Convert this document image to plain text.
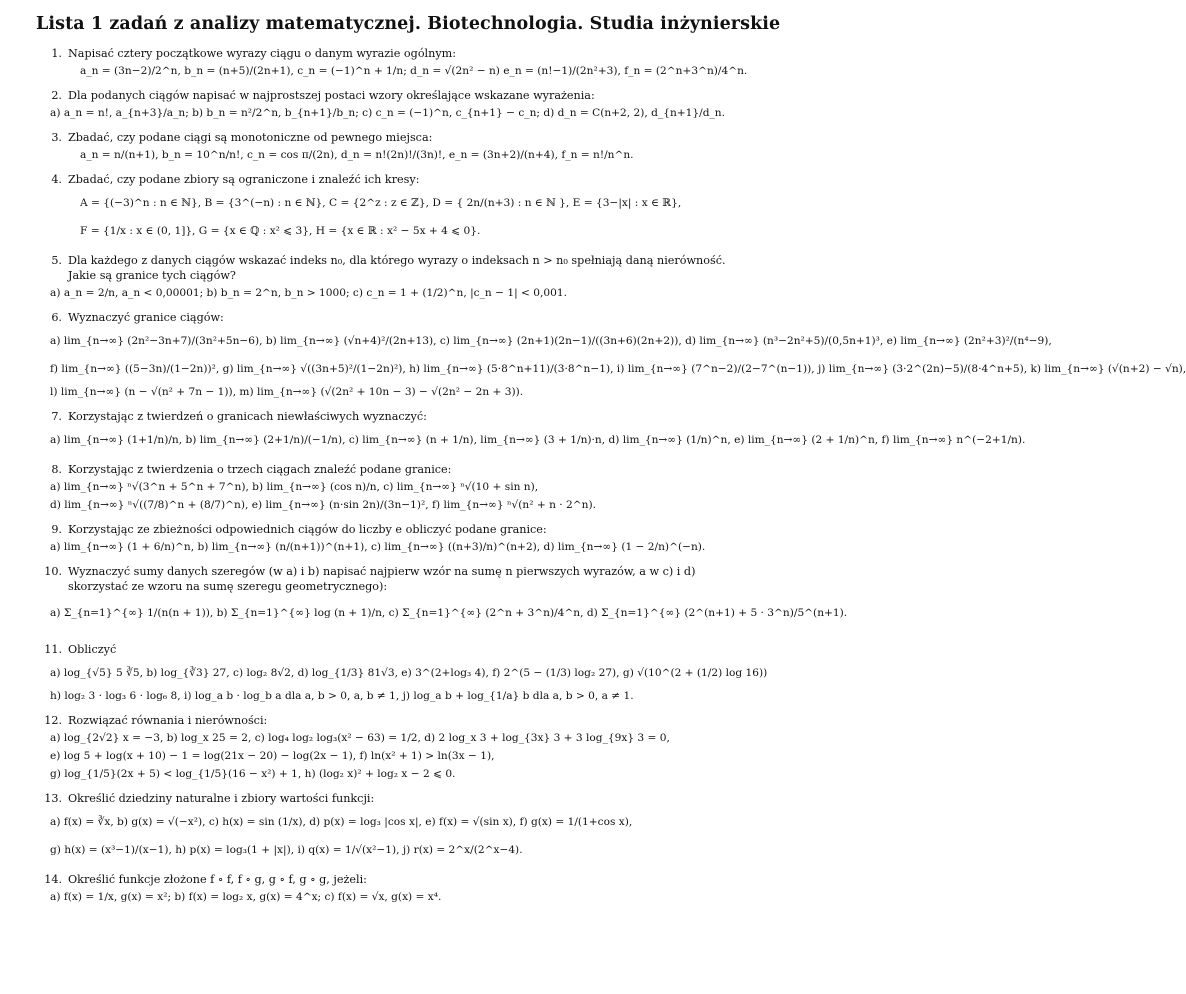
Lista 1 zadań z analizy matematycznej. Biotechnologia. Studia inżynierskie
1. Napisać cztery początkowe wyrazy ciągu o danym wyrazie ogólnym:
a_n = (3n−2)/2^n, b_n = (n+5)/(2n+1), c_n = (−1)^n + 1/n; d_n = √(2n² − n) e_n = (n!−1)/(2n²+3), f_n = (2^n+3^n)/4^n.
2. Dla podanych ciągów napisać w najprostszej postaci wzory określające wskazane wyrażenia:
a) a_n = n!, a_{n+3}/a_n; b) b_n = n²/2^n, b_{n+1}/b_n; c) c_n = (−1)^n, c_{n+1} − c_n; d) d_n = C(n+2, 2), d_{n+1}/d_n.
3. Zbadać, czy podane ciągi są monotoniczne od pewnego miejsca:
a_n = n/(n+1), b_n = 10^n/n!, c_n = cos π/(2n), d_n = n!(2n)!/(3n)!, e_n = (3n+2)/(n+4), f_n = n!/n^n.
4. Zbadać, czy podane zbiory są ograniczone i znaleźć ich kresy:
A = {(−3)^n : n ∈ ℕ}, B = {3^(−n) : n ∈ ℕ}, C = {2^z : z ∈ ℤ}, D = { 2n/(n+3) : n ∈ ℕ }, E = {3−|x| : x ∈ ℝ},
F = {1/x : x ∈ (0, 1]}, G = {x ∈ ℚ : x² ⩽ 3}, H = {x ∈ ℝ : x² − 5x + 4 ⩽ 0}.
5. Dla każdego z danych ciągów wskazać indeks n₀, dla którego wyrazy o indeksach n > n₀ spełniają daną nierówność. Jakie są granice tych ciągów?
a) a_n = 2/n, a_n < 0,00001; b) b_n = 2^n, b_n > 1000; c) c_n = 1 + (1/2)^n, |c_n − 1| < 0,001.
6. Wyznaczyć granice ciągów:
a) lim_{n→∞} (2n²−3n+7)/(3n²+5n−6), b) lim_{n→∞} (√n+4)²/(2n+13), c) lim_{n→∞} (2n+1)(2n−1)/((3n+6)(2n+2)), d) lim_{n→∞} (n³−2n²+5)/(0,5n+1)³, e) lim_{n→∞} (2n²+3)²/(n⁴−9),
f) lim_{n→∞} ((5−3n)/(1−2n))², g) lim_{n→∞} √((3n+5)²/(1−2n)²), h) lim_{n→∞} (5·8^n+11)/(3·8^n−1), i) lim_{n→∞} (7^n−2)/(2−7^(n−1)), j) lim_{n→∞} (3·2^(2n)−5)/(8·4^n+5), k) lim_{n→∞} (√(n+2) − √n),
l) lim_{n→∞} (n − √(n² + 7n − 1)), m) lim_{n→∞} (√(2n² + 10n − 3) − √(2n² − 2n + 3)).
7. Korzystając z twierdzeń o granicach niewłaściwych wyznaczyć:
a) lim_{n→∞} (1+1/n)/n, b) lim_{n→∞} (2+1/n)/(−1/n), c) lim_{n→∞} (n + 1/n), lim_{n→∞} (3 + 1/n)·n, d) lim_{n→∞} (1/n)^n, e) lim_{n→∞} (2 + 1/n)^n, f) lim_{n→∞} n^(−2+1/n).
8. Korzystając z twierdzenia o trzech ciągach znaleźć podane granice:
a) lim_{n→∞} ⁿ√(3^n + 5^n + 7^n), b) lim_{n→∞} (cos n)/n, c) lim_{n→∞} ⁿ√(10 + sin n),
d) lim_{n→∞} ⁿ√((7/8)^n + (8/7)^n), e) lim_{n→∞} (n·sin 2n)/(3n−1)², f) lim_{n→∞} ⁿ√(n² + n · 2^n).
9. Korzystając ze zbieżności odpowiednich ciągów do liczby e obliczyć podane granice:
a) lim_{n→∞} (1 + 6/n)^n, b) lim_{n→∞} (n/(n+1))^(n+1), c) lim_{n→∞} ((n+3)/n)^(n+2), d) lim_{n→∞} (1 − 2/n)^(−n).
10. Wyznaczyć sumy danych szeregów (w a) i b) napisać najpierw wzór na sumę n pierwszych wyrazów, a w c) i d) skorzystać ze wzoru na sumę szeregu geometrycznego):
a) Σ_{n=1}^{∞} 1/(n(n + 1)), b) Σ_{n=1}^{∞} log (n + 1)/n, c) Σ_{n=1}^{∞} (2^n + 3^n)/4^n, d) Σ_{n=1}^{∞} (2^(n+1) + 5 · 3^n)/5^(n+1).
11. Obliczyć
a) log_{√5} 5 ∛5, b) log_{∛3} 27, c) log₂ 8√2, d) log_{1/3} 81√3, e) 3^(2+log₃ 4), f) 2^(5 − (1/3) log₂ 27), g) √(10^(2 + (1/2) log 16))
h) log₂ 3 · log₃ 6 · log₆ 8, i) log_a b · log_b a dla a, b > 0, a, b ≠ 1, j) log_a b + log_{1/a} b dla a, b > 0, a ≠ 1.
12. Rozwiązać równania i nierówności:
a) log_{2√2} x = −3, b) log_x 25 = 2, c) log₄ log₂ log₃(x² − 63) = 1/2, d) 2 log_x 3 + log_{3x} 3 + 3 log_{9x} 3 = 0,
e) log 5 + log(x + 10) − 1 = log(21x − 20) − log(2x − 1), f) ln(x² + 1) > ln(3x − 1),
g) log_{1/5}(2x + 5) < log_{1/5}(16 − x²) + 1, h) (log₂ x)² + log₂ x − 2 ⩽ 0.
13. Określić dziedziny naturalne i zbiory wartości funkcji:
a) f(x) = ∛x, b) g(x) = √(−x²), c) h(x) = sin (1/x), d) p(x) = log₃ |cos x|, e) f(x) = √(sin x), f) g(x) = 1/(1+cos x),
g) h(x) = (x³−1)/(x−1), h) p(x) = log₃(1 + |x|), i) q(x) = 1/√(x²−1), j) r(x) = 2^x/(2^x−4).
14. Określić funkcje złożone f ∘ f, f ∘ g, g ∘ f, g ∘ g, jeżeli:
a) f(x) = 1/x, g(x) = x²; b) f(x) = log₂ x, g(x) = 4^x; c) f(x) = √x, g(x) = x⁴.
